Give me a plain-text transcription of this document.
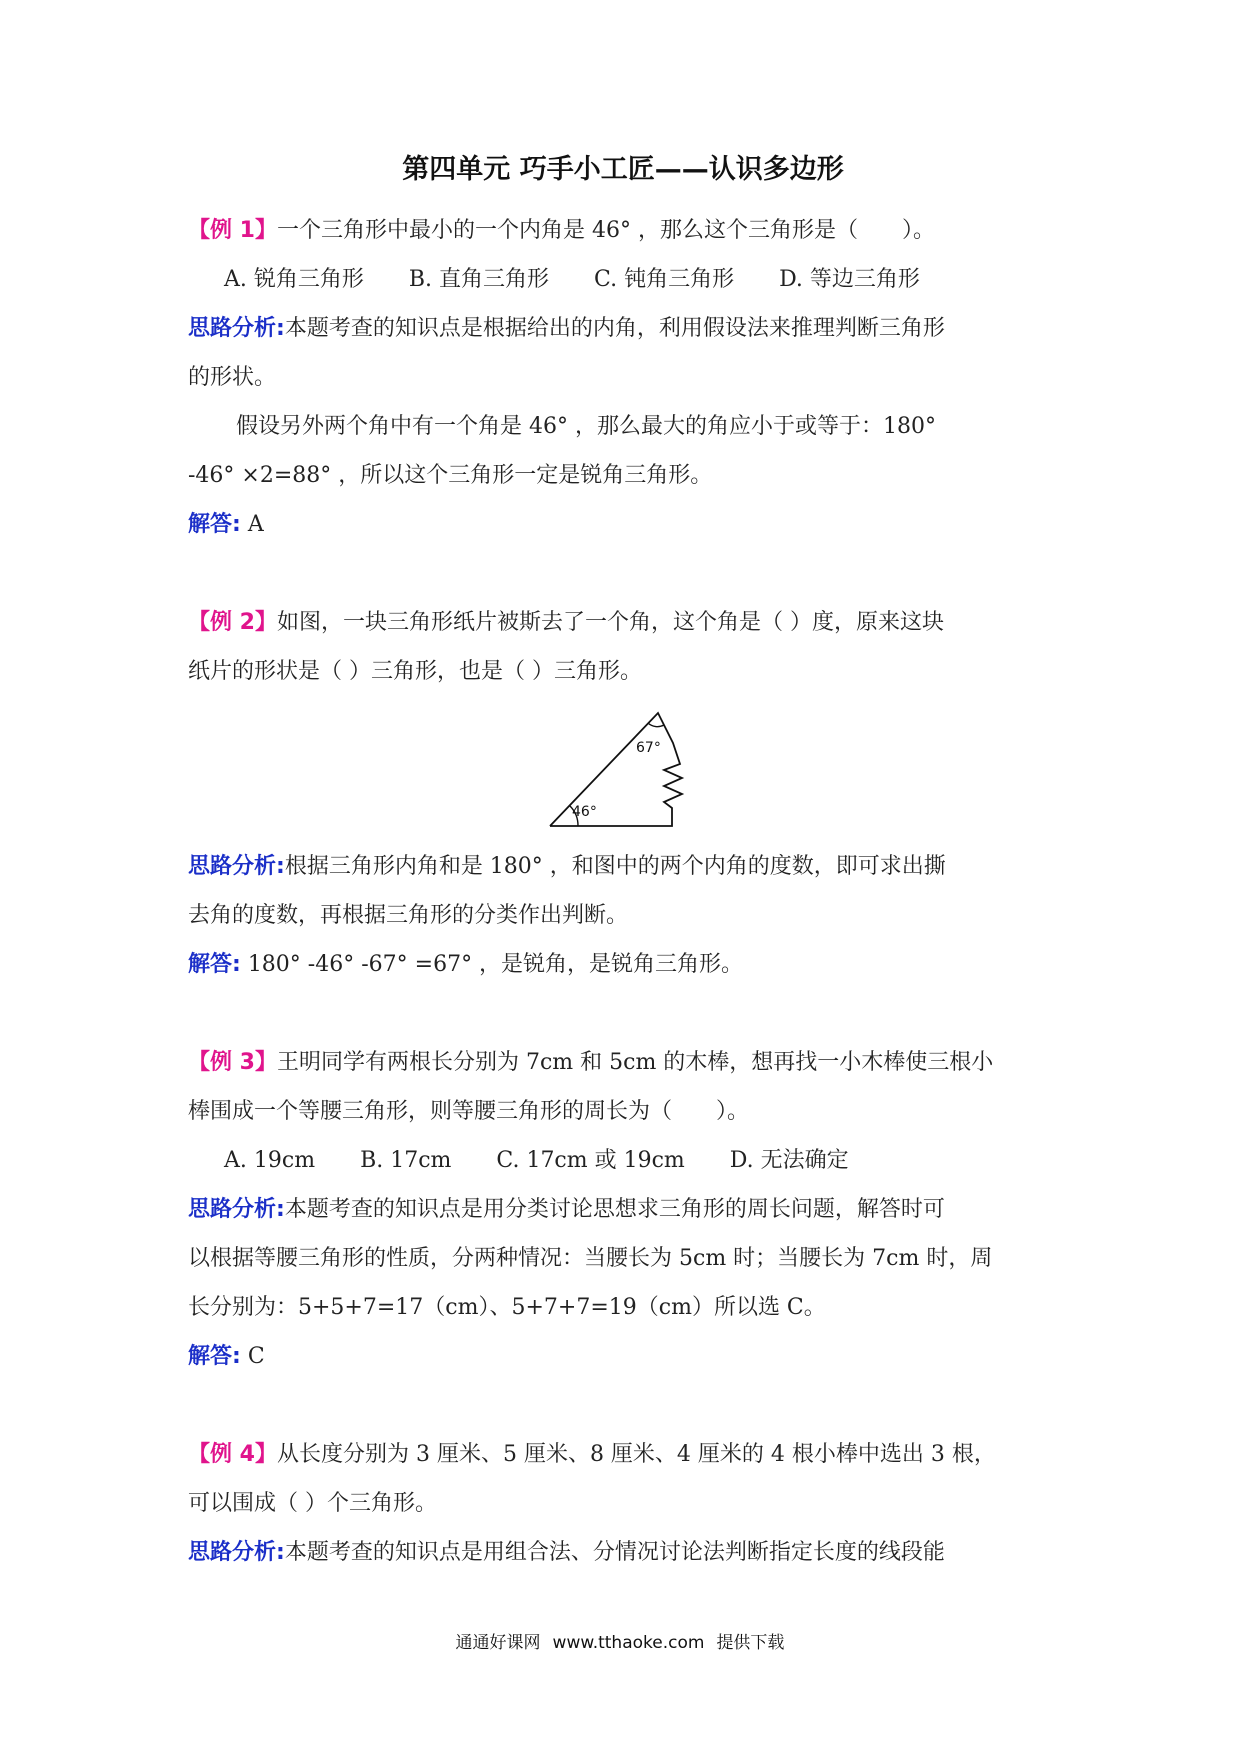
第四单元 巧手小工匠——认识多边形
【例 1】一个三角形中最小的一个内角是 46° ，那么这个三角形是（　　）。
A. 锐角三角形 B. 直角三角形 C. 钝角三角形 D. 等边三角形
思路分析:本题考查的知识点是根据给出的内角，利用假设法来推理判断三角形
的形状。
假设另外两个角中有一个角是 46° ，那么最大的角应小于或等于：180°
-46° ×2=88° ，所以这个三角形一定是锐角三角形。
解答: A
【例 2】如图，一块三角形纸片被斯去了一个角，这个角是（ ）度，原来这块
纸片的形状是（ ）三角形，也是（ ）三角形。
67°
46°
思路分析:根据三角形内角和是 180° ，和图中的两个内角的度数，即可求出撕
去角的度数，再根据三角形的分类作出判断。
解答: 180° -46° -67° =67° ，是锐角，是锐角三角形。
【例 3】王明同学有两根长分别为 7cm 和 5cm 的木棒，想再找一小木棒使三根小
棒围成一个等腰三角形，则等腰三角形的周长为（　　）。
A. 19cm B. 17cm C. 17cm 或 19cm D. 无法确定
思路分析:本题考查的知识点是用分类讨论思想求三角形的周长问题，解答时可
以根据等腰三角形的性质，分两种情况：当腰长为 5cm 时；当腰长为 7cm 时，周
长分别为：5+5+7=17（cm）、5+7+7=19（cm）所以选 C。
解答: C
【例 4】从长度分别为 3 厘米、5 厘米、8 厘米、4 厘米的 4 根小棒中选出 3 根，
可以围成（ ）个三角形。
思路分析:本题考查的知识点是用组合法、分情况讨论法判断指定长度的线段能
通通好课网 www.tthaoke.com 提供下载
